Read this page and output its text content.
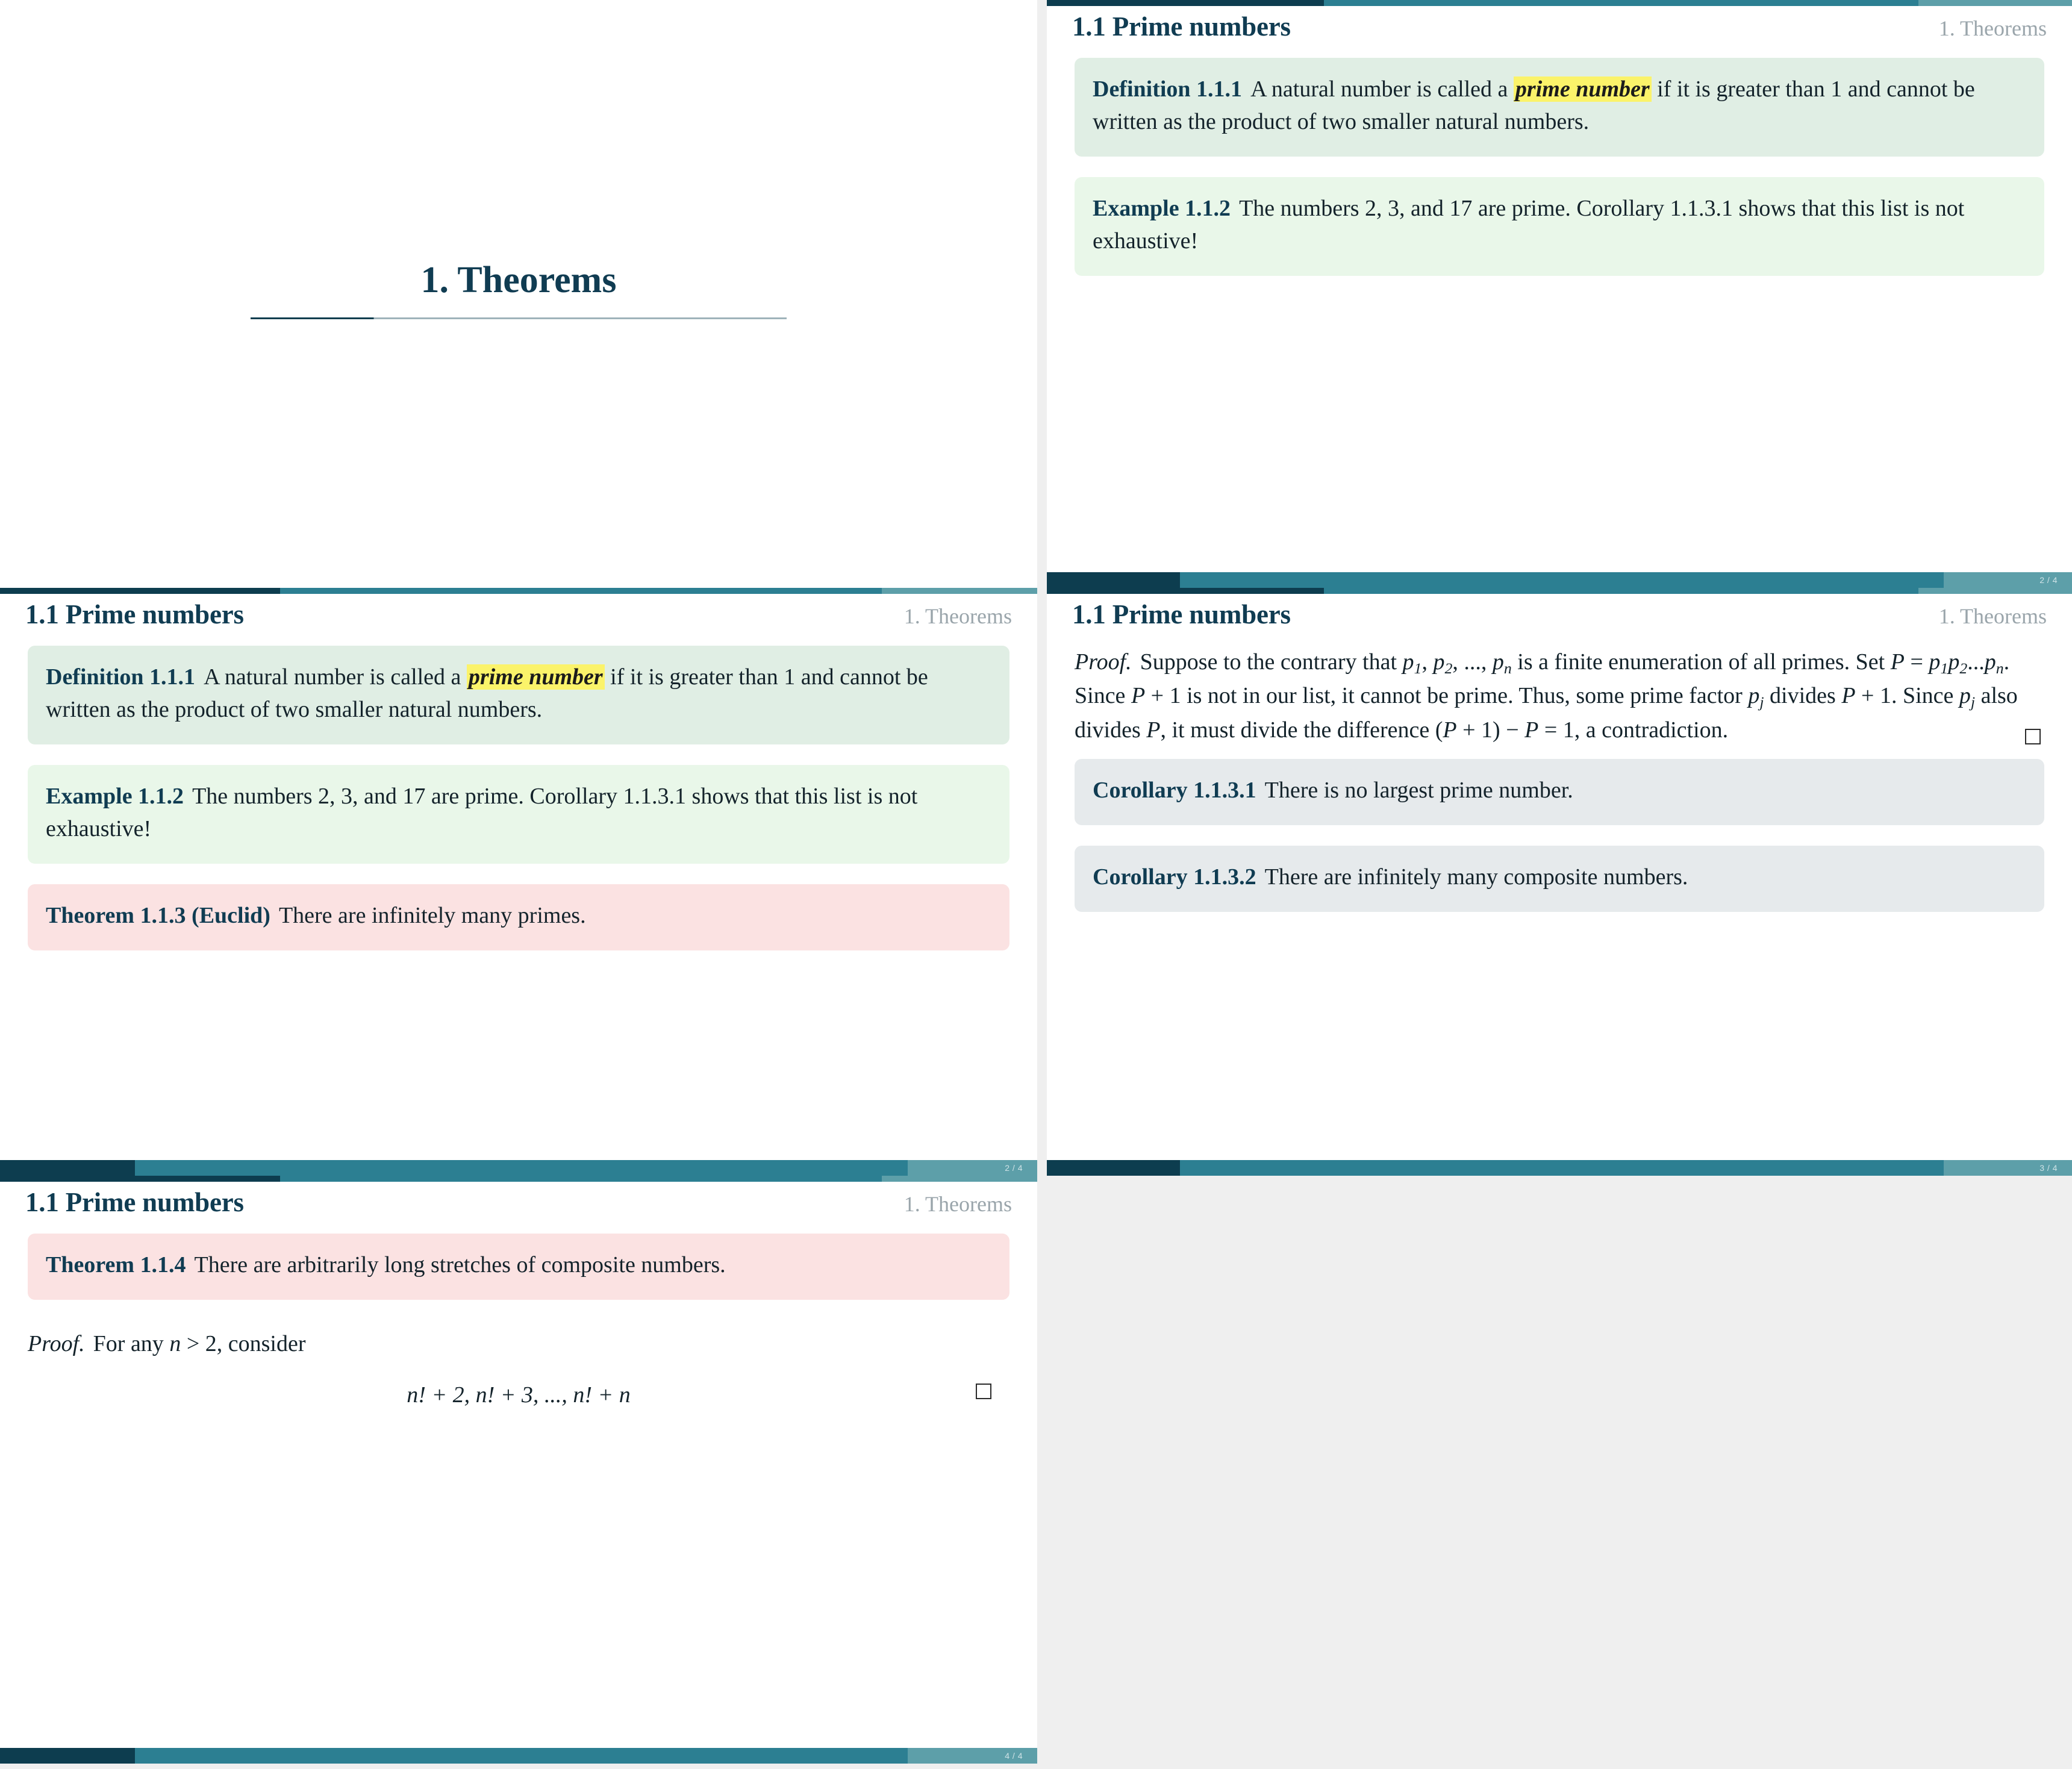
1. Theorems
1.1 Prime numbers	1. Theorems
Definition 1.1.1 A natural number is called a prime number if it is greater than 1 and cannot be written as the product of two smaller natural numbers.
Example 1.1.2 The numbers 2, 3, and 17 are prime. Corollary 1.1.3.1 shows that this list is not exhaustive!
2 / 4
1.1 Prime numbers	1. Theorems
Definition 1.1.1 A natural number is called a prime number if it is greater than 1 and cannot be written as the product of two smaller natural numbers.
Example 1.1.2 The numbers 2, 3, and 17 are prime. Corollary 1.1.3.1 shows that this list is not exhaustive!
Theorem 1.1.3 (Euclid) There are infinitely many primes.
2 / 4
1.1 Prime numbers	1. Theorems
Proof. Suppose to the contrary that $p_1$, $p_2$, ..., $p_n$ is a finite enumeration of all primes. Set $P = p_1p_2...p_n$. Since P + 1 is not in our list, it cannot be prime. Thus, some prime factor $p_j$ divides P + 1. Since $p_j$ also divides P, it must divide the difference (P + 1) − P = 1, a contradiction.
Corollary 1.1.3.1 There is no largest prime number.
Corollary 1.1.3.2 There are infinitely many composite numbers.
3 / 4
1.1 Prime numbers	1. Theorems
Theorem 1.1.4 There are arbitrarily long stretches of composite numbers.
Proof. For any n > 2, consider
n! + 2, n! + 3, ..., n! + n
4 / 4
